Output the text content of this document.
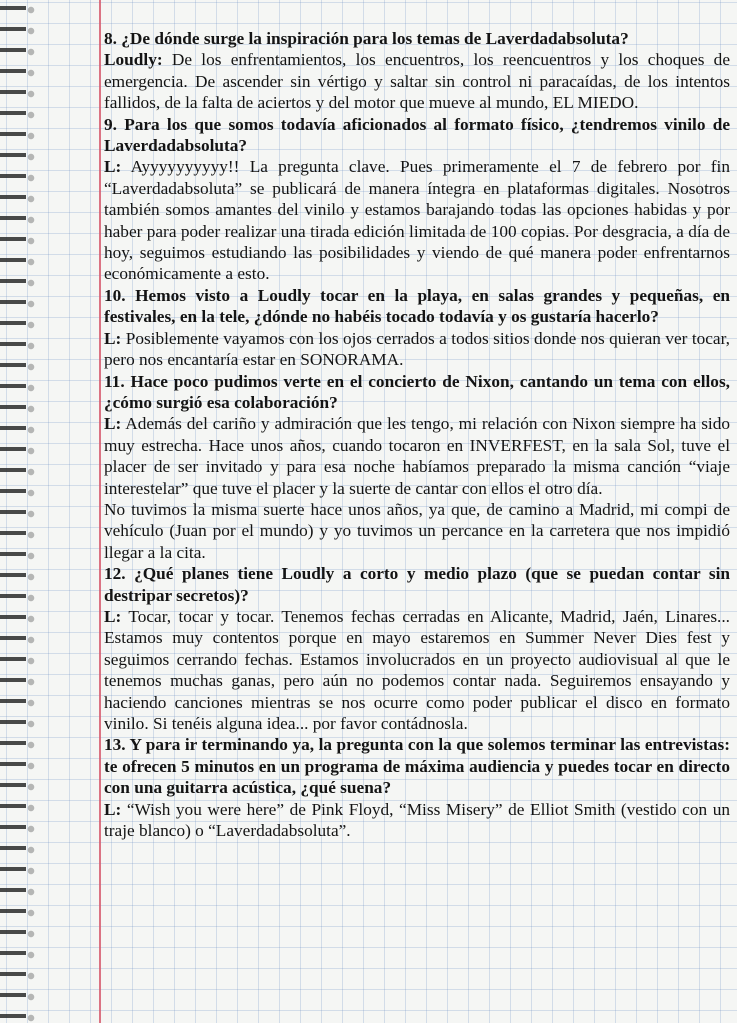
8. ¿De dónde surge la inspiración para los temas de Laverdadabsoluta?

Loudly: De los enfrentamientos, los encuentros, los reencuentros y los choques de emergencia. De ascender sin vértigo y saltar sin control ni paracaídas, de los intentos fallidos, de la falta de aciertos y del motor que mueve al mundo, EL MIEDO.

9. Para los que somos todavía aficionados al formato físico, ¿tendremos vinilo de Laverdadabsoluta?

L: Ayyyyyyyyyy!! La pregunta clave. Pues primeramente el 7 de febrero por fin “Laverdadabsoluta” se publicará de manera íntegra en plataformas digitales. Nosotros también somos amantes del vinilo y estamos barajando todas las opciones habidas y por haber para poder realizar una tirada edición limitada de 100 copias. Por desgracia, a día de hoy, seguimos estudiando las posibilidades y viendo de qué manera poder enfrentarnos económicamente a esto.

10. Hemos visto a Loudly tocar en la playa, en salas grandes y pequeñas, en festivales, en la tele, ¿dónde no habéis tocado todavía y os gustaría hacerlo?

L: Posiblemente vayamos con los ojos cerrados a todos sitios donde nos quieran ver tocar, pero nos encantaría estar en SONORAMA.

11. Hace poco pudimos verte en el concierto de Nixon, cantando un tema con ellos, ¿cómo surgió esa colaboración?

L: Además del cariño y admiración que les tengo, mi relación con Nixon siempre ha sido muy estrecha. Hace unos años, cuando tocaron en INVERFEST, en la sala Sol, tuve el placer de ser invitado y para esa noche habíamos preparado la misma canción “viaje interestelar” que tuve el placer y la suerte de cantar con ellos el otro día.

No tuvimos la misma suerte hace unos años, ya que, de camino a Madrid, mi compi de vehículo (Juan por el mundo) y yo tuvimos un percance en la carretera que nos impidió llegar a la cita.

12. ¿Qué planes tiene Loudly a corto y medio plazo (que se puedan contar sin destripar secretos)?

L: Tocar, tocar y tocar. Tenemos fechas cerradas en Alicante, Madrid, Jaén, Linares... Estamos muy contentos porque en mayo estaremos en Summer Never Dies fest y seguimos cerrando fechas. Estamos involucrados en un proyecto audiovisual al que le tenemos muchas ganas, pero aún no podemos contar nada. Seguiremos ensayando y haciendo canciones mientras se nos ocurre como poder publicar el disco en formato vinilo. Si tenéis alguna idea... por favor contádnosla.

13. Y para ir terminando ya, la pregunta con la que solemos terminar las entrevistas: te ofrecen 5 minutos en un programa de máxima audiencia y puedes tocar en directo con una guitarra acústica, ¿qué suena?

L: “Wish you were here” de Pink Floyd, “Miss Misery” de Elliot Smith (vestido con un traje blanco) o “Laverdadabsoluta”.
